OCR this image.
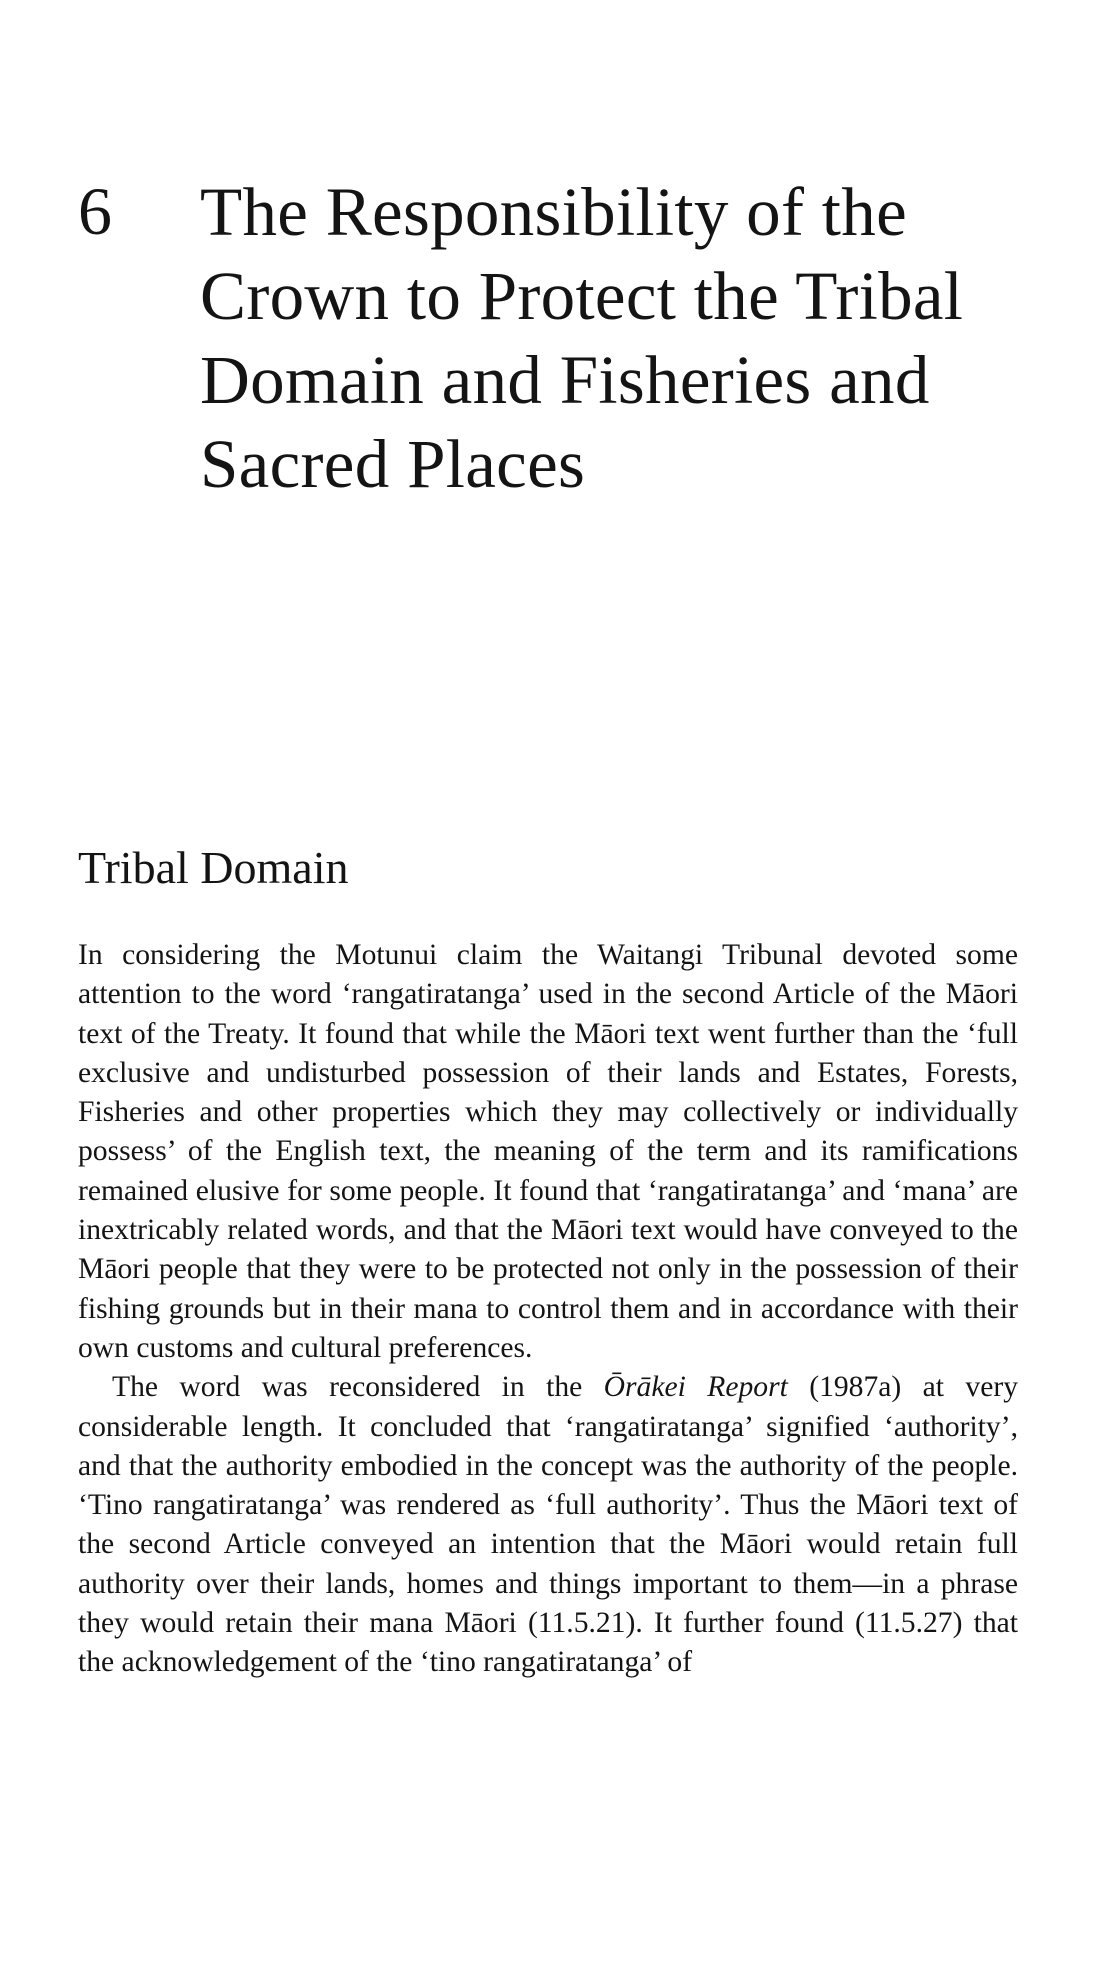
6 The Responsibility of the Crown to Protect the Tribal Domain and Fisheries and Sacred Places
Tribal Domain

In considering the Motunui claim the Waitangi Tribunal devoted some attention to the word ‘rangatiratanga’ used in the second Article of the Māori text of the Treaty. It found that while the Māori text went further than the ‘full exclusive and undisturbed possession of their lands and Estates, Forests, Fisheries and other properties which they may collectively or individually possess’ of the English text, the meaning of the term and its ramifications remained elusive for some people. It found that ‘rangatiratanga’ and ‘mana’ are inextricably related words, and that the Māori text would have conveyed to the Māori people that they were to be protected not only in the possession of their fishing grounds but in their mana to control them and in accordance with their own customs and cultural preferences.

The word was reconsidered in the Ōrākei Report (1987a) at very considerable length. It concluded that ‘rangatiratanga’ signified ‘authority’, and that the authority embodied in the concept was the authority of the people. ‘Tino rangatiratanga’ was rendered as ‘full authority’. Thus the Māori text of the second Article conveyed an intention that the Māori would retain full authority over their lands, homes and things important to them—in a phrase they would retain their mana Māori (11.5.21). It further found (11.5.27) that the acknowledgement of the ‘tino rangatiratanga’ of
